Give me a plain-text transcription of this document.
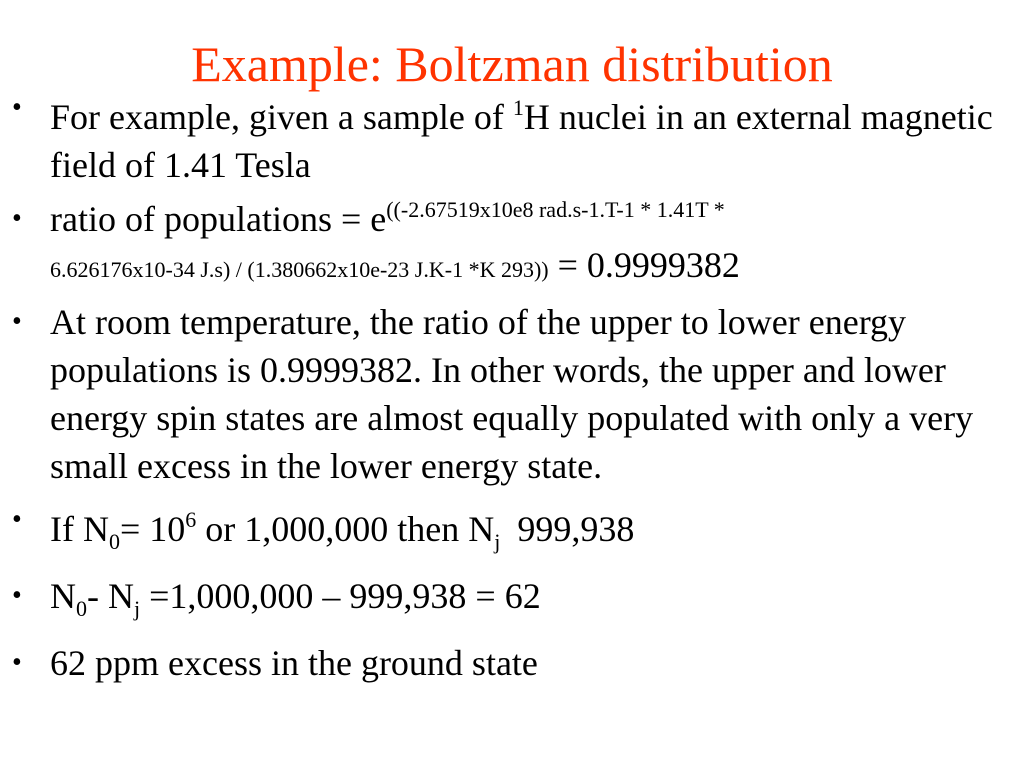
Example: Boltzman distribution
• For example, given a sample of $^1$H nuclei in an external magnetic field of 1.41 Tesla
• ratio of populations = $e^{((-2.67519x10e8 rad.s-1.T-1 * 1.41T *}$
6.626176x10-34 J.s) / (1.380662x10e-23 J.K-1 *K 293)) = 0.9999382
• At room temperature, the ratio of the upper to lower energy populations is 0.9999382. In other words, the upper and lower energy spin states are almost equally populated with only a very small excess in the lower energy state.
• If $N_0= 10^6$ or 1,000,000 then $N_j$ 999,938
• $N_0-$ $N_j =1,000,000 - 999,938 = 62$
• 62 ppm excess in the ground state
